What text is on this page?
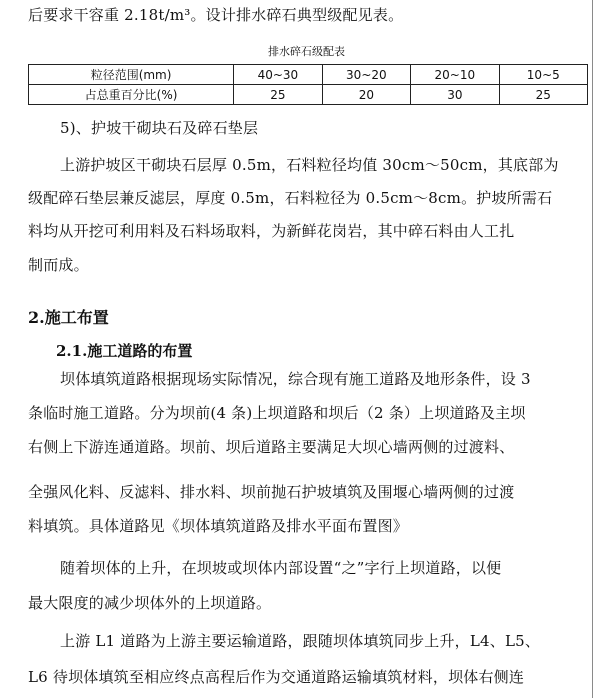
后要求干容重 2.18t/m³。设计排水碎石典型级配见表。
排水碎石级配表
粒径范围(mm)	40~30	30~20	20~10	10~5
占总重百分比(%)	25	20	30	25
5)、护坡干砌块石及碎石垫层
上游护坡区干砌块石层厚 0.5m，石料粒径均值 30cm～50cm，其底部为
级配碎石垫层兼反滤层，厚度 0.5m，石料粒径为 0.5cm～8cm。护坡所需石
料均从开挖可利用料及石料场取料，为新鲜花岗岩，其中碎石料由人工扎
制而成。
2.施工布置
2.1.施工道路的布置
坝体填筑道路根据现场实际情况，综合现有施工道路及地形条件，设 3
条临时施工道路。分为坝前(4 条)上坝道路和坝后（2 条）上坝道路及主坝
右侧上下游连通道路。坝前、坝后道路主要满足大坝心墙两侧的过渡料、
全强风化料、反滤料、排水料、坝前抛石护坡填筑及围堰心墙两侧的过渡
料填筑。具体道路见《坝体填筑道路及排水平面布置图》
随着坝体的上升，在坝坡或坝体内部设置“之”字行上坝道路，以便
最大限度的减少坝体外的上坝道路。
上游 L1 道路为上游主要运输道路，跟随坝体填筑同步上升，L4、L5、
L6 待坝体填筑至相应终点高程后作为交通道路运输填筑材料，坝体右侧连
